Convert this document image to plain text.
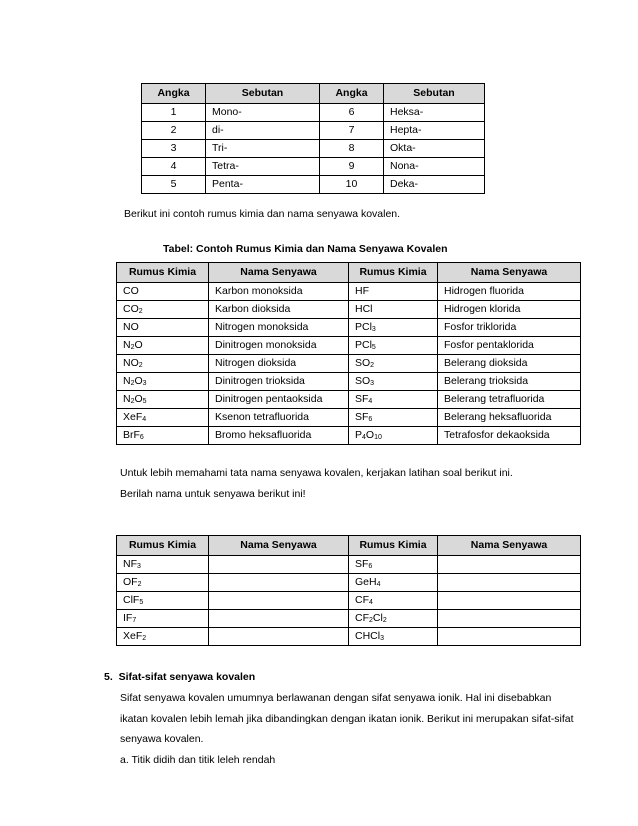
Angka	Sebutan	Angka	Sebutan
1	Mono-	6	Heksa-
2	di-	7	Hepta-
3	Tri-	8	Okta-
4	Tetra-	9	Nona-
5	Penta-	10	Deka-
Berikut ini contoh rumus kimia dan nama senyawa kovalen.
Tabel: Contoh Rumus Kimia dan Nama Senyawa Kovalen
Rumus Kimia	Nama Senyawa	Rumus Kimia	Nama Senyawa
CO	Karbon monoksida	HF	Hidrogen fluorida
$CO_2$	Karbon dioksida	HCl	Hidrogen klorida
NO	Nitrogen monoksida	PCl$_3$	Fosfor triklorida
$N_2O$	Dinitrogen monoksida	PCl$_5$	Fosfor pentaklorida
$NO_2$	Nitrogen dioksida	$SO_2$	Belerang dioksida
$N_2O_3$	Dinitrogen trioksida	$SO_3$	Belerang trioksida
$N_2O_5$	Dinitrogen pentaoksida	$SF_4$	Belerang tetrafluorida
XeF$_4$	Ksenon tetrafluorida	$SF_6$	Belerang heksafluorida
BrF$_6$	Bromo heksafluorida	$P_4O_{10}$	Tetrafosfor dekaoksida
Untuk lebih memahami tata nama senyawa kovalen, kerjakan latihan soal berikut ini.
Berilah nama untuk senyawa berikut ini!
Rumus Kimia	Nama Senyawa	Rumus Kimia	Nama Senyawa
$NF_3$		$SF_6$	
$OF_2$		GeH$_4$	
ClF$_5$		$CF_4$	
$IF_7$		$CF_2Cl_2$	
XeF$_2$		CHCl$_3$	
5. Sifat-sifat senyawa kovalen
Sifat senyawa kovalen umumnya berlawanan dengan sifat senyawa ionik. Hal ini disebabkan
ikatan kovalen lebih lemah jika dibandingkan dengan ikatan ionik. Berikut ini merupakan sifat-sifat
senyawa kovalen.
a. Titik didih dan titik leleh rendah
